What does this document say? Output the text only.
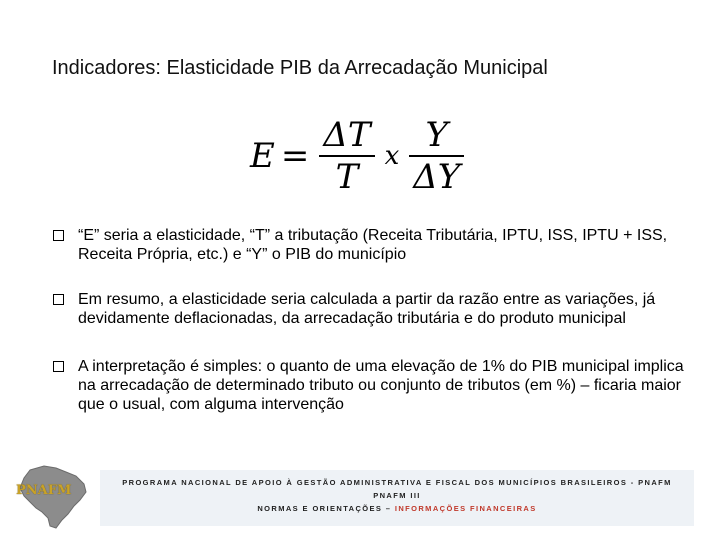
Indicadores: Elasticidade PIB da Arrecadação Municipal
$E = \frac{\Delta T}{T}$ x $\frac{Y}{\Delta Y}$
“E” seria a elasticidade, “T” a tributação (Receita Tributária, IPTU, ISS, IPTU + ISS, Receita Própria, etc.) e “Y” o PIB do município
Em resumo, a elasticidade seria calculada a partir da razão entre as variações, já devidamente deflacionadas, da arrecadação tributária e do produto municipal
A interpretação é simples: o quanto de uma elevação de 1% do PIB municipal implica na arrecadação de determinado tributo ou conjunto de tributos (em %) – ficaria maior que o usual, com alguma intervenção
PNAFM
PROGRAMA NACIONAL DE APOIO À GESTÃO ADMINISTRATIVA E FISCAL DOS MUNICÍPIOS BRASILEIROS - PNAFM
PNAFM III
NORMAS E ORIENTAÇÕES – INFORMAÇÕES FINANCEIRAS
